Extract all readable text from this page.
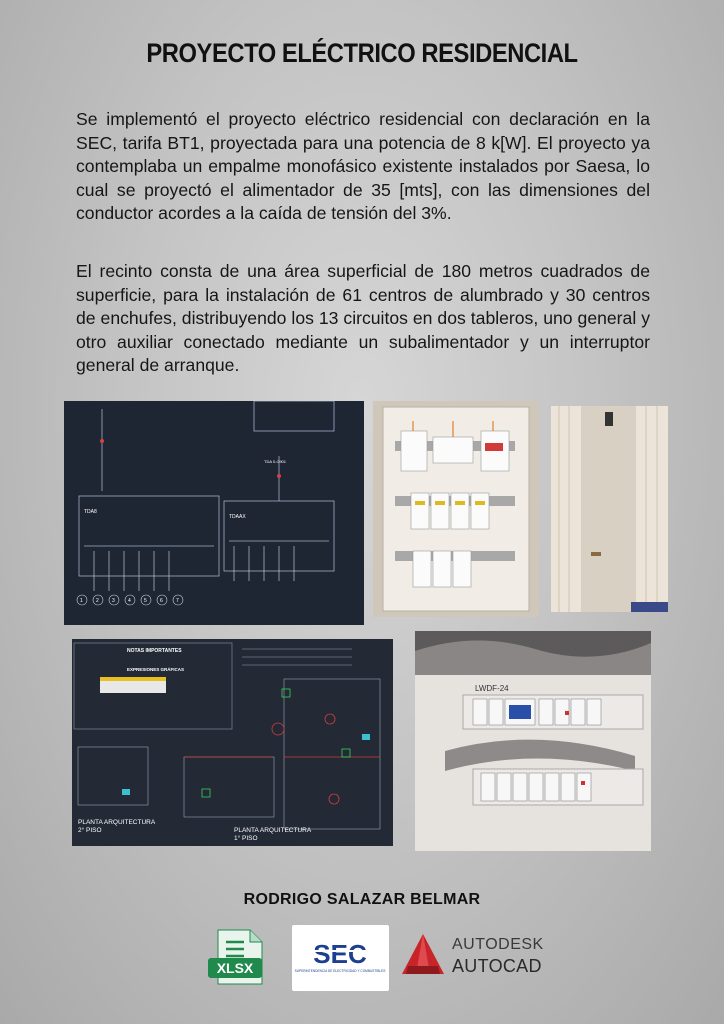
PROYECTO ELÉCTRICO RESIDENCIAL

Se implementó el proyecto eléctrico residencial con declaración en la SEC, tarifa BT1, proyectada para una potencia de 8 k[W]. El proyecto ya contemplaba un empalme monofásico existente instalados por Saesa, lo cual se proyectó el alimentador de 35 [mts], con las dimensiones del conductor acordes a la caída de tensión del 3%.

El recinto consta de una área superficial de 180 metros cuadrados de superficie, para la instalación de 61 centros de alumbrado y 30 centros de enchufes, distribuyendo los 13 circuitos en dos tableros, uno general y otro auxiliar conectado mediante un subalimentador y un interruptor general de arranque.

TDA8
TDAAX
TDA 0-C901
1	2	3	4	5	6	7
NOTAS IMPORTANTES
EXPRESIONES GRÁFICAS
PLANTA ARQUITECTURA
2° PISO	PLANTA ARQUITECTURA
1° PISO
LWDF-24
RODRIGO SALAZAR BELMAR
XLSX SEC
SUPERINTENDENCIA DE ELECTRICIDAD Y COMBUSTIBLES
AUTODESK
AUTOCAD
